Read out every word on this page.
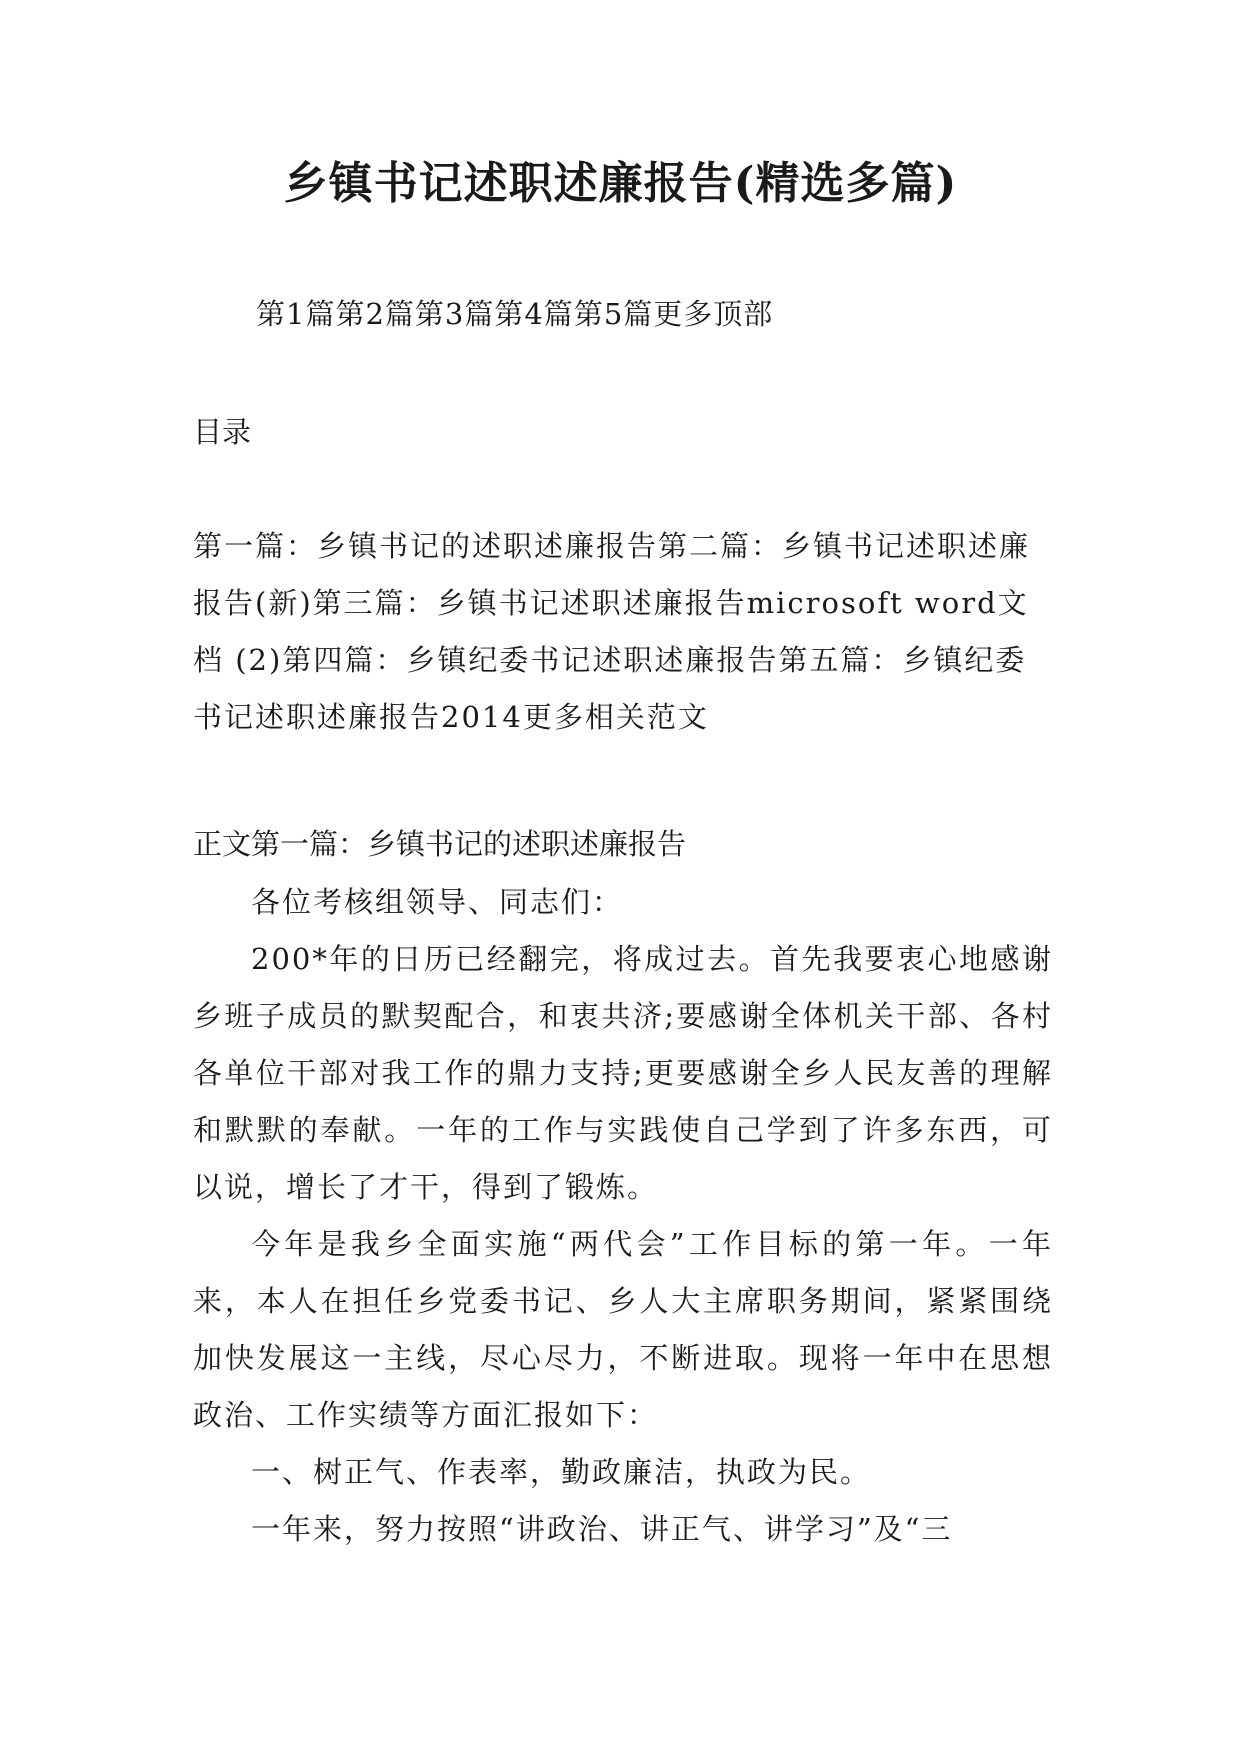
乡镇书记述职述廉报告(精选多篇)
第1篇第2篇第3篇第4篇第5篇更多顶部
目录
第一篇：乡镇书记的述职述廉报告第二篇：乡镇书记述职述廉报告(新)第三篇：乡镇书记述职述廉报告microsoft word文档 (2)第四篇：乡镇纪委书记述职述廉报告第五篇：乡镇纪委书记述职述廉报告2014更多相关范文
正文第一篇：乡镇书记的述职述廉报告

各位考核组领导、同志们：

200*年的日历已经翻完，将成过去。首先我要衷心地感谢乡班子成员的默契配合，和衷共济;要感谢全体机关干部、各村各单位干部对我工作的鼎力支持;更要感谢全乡人民友善的理解和默默的奉献。一年的工作与实践使自己学到了许多东西，可以说，增长了才干，得到了锻炼。

今年是我乡全面实施“两代会”工作目标的第一年。一年来，本人在担任乡党委书记、乡人大主席职务期间，紧紧围绕加快发展这一主线，尽心尽力，不断进取。现将一年中在思想政治、工作实绩等方面汇报如下：

一、树正气、作表率，勤政廉洁，执政为民。

一年来，努力按照“讲政治、讲正气、讲学习”及“三
